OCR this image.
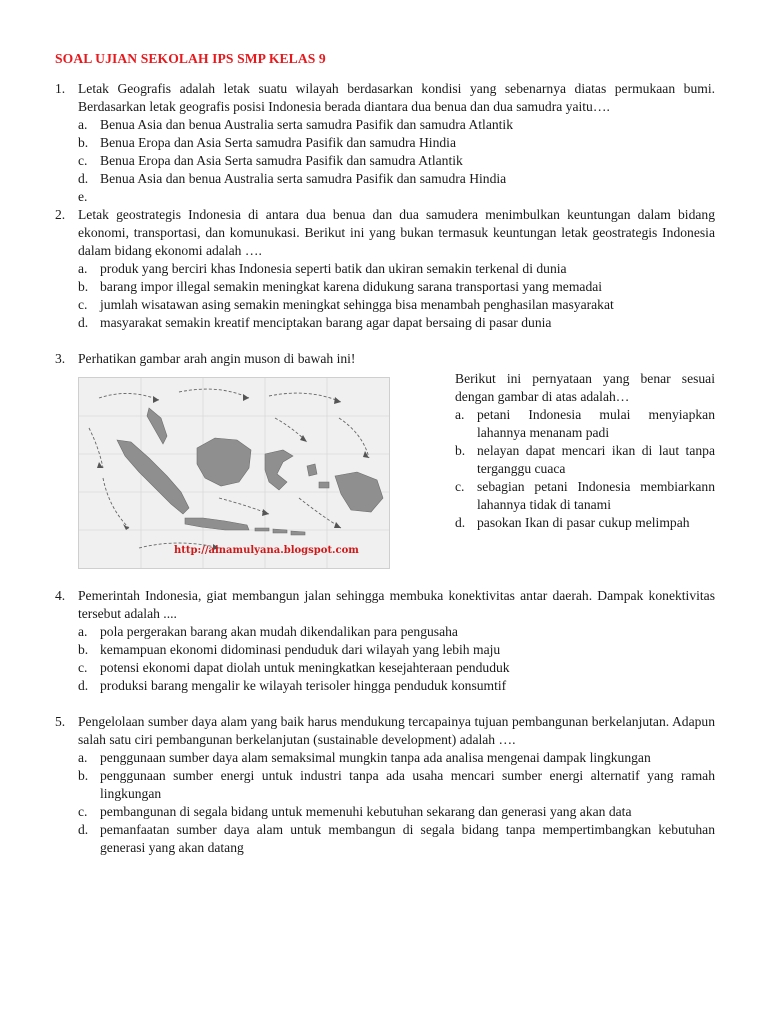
SOAL UJIAN SEKOLAH IPS SMP KELAS 9
1. Letak Geografis adalah letak suatu wilayah berdasarkan kondisi yang sebenarnya diatas permukaan bumi. Berdasarkan letak geografis posisi Indonesia berada diantara dua benua dan dua samudra yaitu….
a. Benua Asia dan benua Australia serta samudra Pasifik dan samudra Atlantik
b. Benua Eropa dan Asia Serta samudra Pasifik dan samudra Hindia
c. Benua Eropa dan Asia Serta samudra Pasifik dan samudra Atlantik
d. Benua Asia dan benua Australia serta samudra Pasifik dan samudra Hindia
e.
2. Letak geostrategis Indonesia di antara dua benua dan dua samudera menimbulkan keuntungan dalam bidang ekonomi, transportasi, dan komunukasi. Berikut ini yang bukan termasuk keuntungan letak geostrategis Indonesia dalam bidang ekonomi adalah ….
a. produk yang berciri khas Indonesia seperti batik dan ukiran semakin terkenal di dunia
b. barang impor illegal semakin meningkat karena didukung sarana transportasi yang memadai
c. jumlah wisatawan asing semakin meningkat sehingga bisa menambah penghasilan masyarakat
d. masyarakat semakin kreatif menciptakan barang agar dapat bersaing di pasar dunia
3. Perhatikan gambar arah angin muson di bawah ini!
http://ainamulyana.blogspot.com
Berikut ini pernyataan yang benar sesuai dengan gambar di atas adalah…
a. petani Indonesia mulai menyiapkan lahannya menanam padi
b. nelayan dapat mencari ikan di laut tanpa terganggu cuaca
c. sebagian petani Indonesia membiarkann lahannya tidak di tanami
d. pasokan Ikan di pasar cukup melimpah
4. Pemerintah Indonesia, giat membangun jalan sehingga membuka konektivitas antar daerah. Dampak konektivitas tersebut adalah ....
a. pola pergerakan barang akan mudah dikendalikan para pengusaha
b. kemampuan ekonomi didominasi penduduk dari wilayah yang lebih maju
c. potensi ekonomi dapat diolah untuk meningkatkan kesejahteraan penduduk
d. produksi barang mengalir ke wilayah terisoler hingga penduduk konsumtif
5. Pengelolaan sumber daya alam yang baik harus mendukung tercapainya tujuan pembangunan berkelanjutan. Adapun salah satu ciri pembangunan berkelanjutan (sustainable development) adalah ….
a. penggunaan sumber daya alam semaksimal mungkin tanpa ada analisa mengenai dampak lingkungan
b. penggunaan sumber energi untuk industri tanpa ada usaha mencari sumber energi alternatif yang ramah lingkungan
c. pembangunan di segala bidang untuk memenuhi kebutuhan sekarang dan generasi yang akan data
d. pemanfaatan sumber daya alam untuk membangun di segala bidang tanpa mempertimbangkan kebutuhan generasi yang akan datang
